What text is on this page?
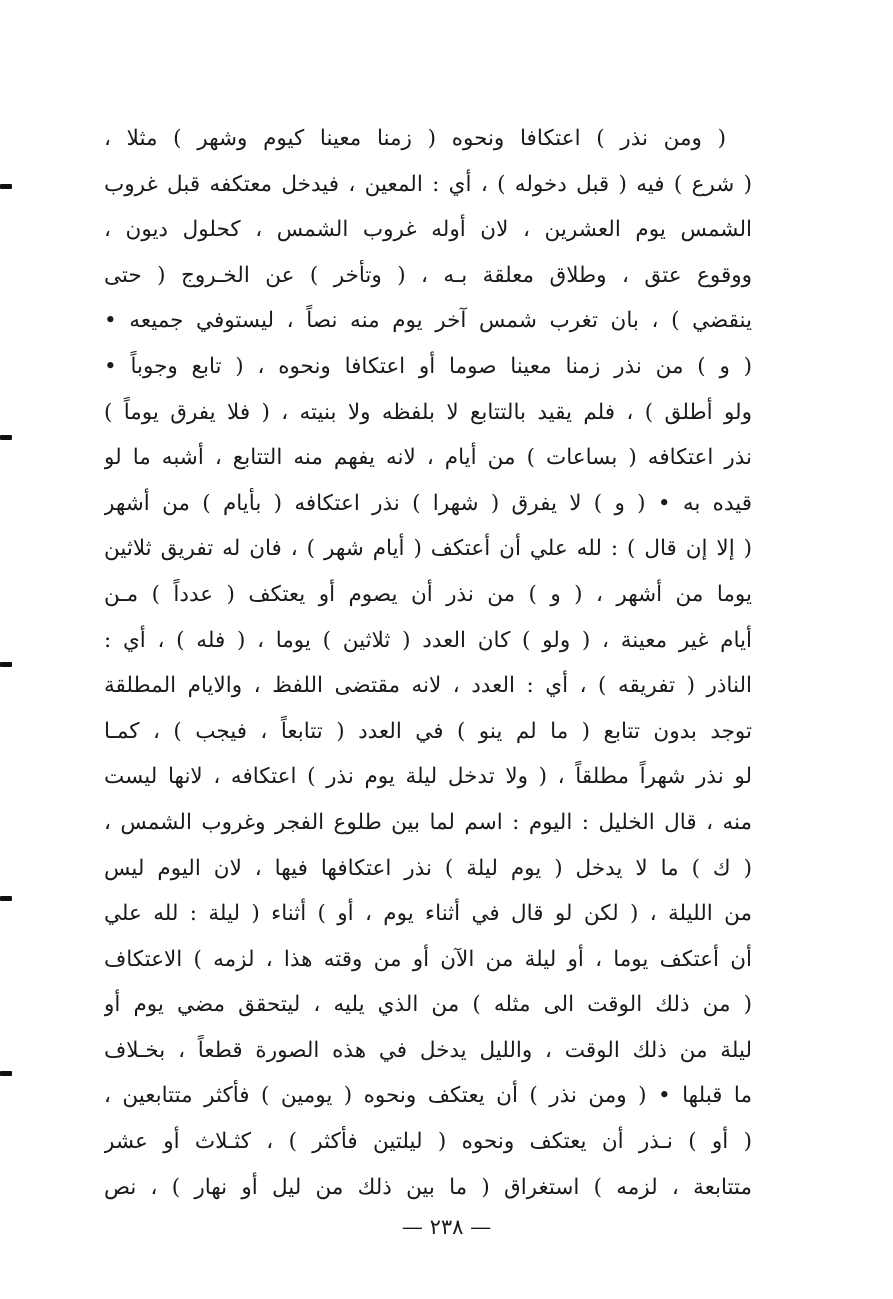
( ومن نذر ) اعتكافا ونحوه ( زمنا معينا كيوم وشهر ) مثلا ،
( شرع ) فيه ( قبل دخوله ) ، أي : المعين ، فيدخل معتكفه قبل غروب
الشمس يوم العشرين ، لان أوله غروب الشمس ، كحلول ديون ،
ووقوع عتق ، وطلاق معلقة بـه ، ( وتأخر ) عن الخـروج ( حتى
ينقضي ) ، بان تغرب شمس آخر يوم منه نصاً ، ليستوفي جميعه •
( و ) من نذر زمنا معينا صوما أو اعتكافا ونحوه ، ( تابع وجوباً •
ولو أطلق ) ، فلم يقيد بالتتابع لا بلفظه ولا بنيته ، ( فلا يفرق يوماً )
نذر اعتكافه ( بساعات ) من أيام ، لانه يفهم منه التتابع ، أشبه ما لو
قيده به • ( و ) لا يفرق ( شهرا ) نذر اعتكافه ( بأيام ) من أشهر
( إلا إن قال ) : لله علي أن أعتكف ( أيام شهر ) ، فان له تفريق ثلاثين
يوما من أشهر ، ( و ) من نذر أن يصوم أو يعتكف ( عدداً ) مـن
أيام غير معينة ، ( ولو ) كان العدد ( ثلاثين ) يوما ، ( فله ) ، أي :
الناذر ( تفريقه ) ، أي : العدد ، لانه مقتضى اللفظ ، والايام المطلقة
توجد بدون تتابع ( ما لم ينو ) في العدد ( تتابعاً ، فيجب ) ، كمـا
لو نذر شهراً مطلقاً ، ( ولا تدخل ليلة يوم نذر ) اعتكافه ، لانها ليست
منه ، قال الخليل : اليوم : اسم لما بين طلوع الفجر وغروب الشمس ،
( ك ) ما لا يدخل ( يوم ليلة ) نذر اعتكافها فيها ، لان اليوم ليس
من الليلة ، ( لكن لو قال في أثناء يوم ، أو ) أثناء ( ليلة : لله علي
أن أعتكف يوما ، أو ليلة من الآن أو من وقته هذا ، لزمه ) الاعتكاف
( من ذلك الوقت الى مثله ) من الذي يليه ، ليتحقق مضي يوم أو
ليلة من ذلك الوقت ، والليل يدخل في هذه الصورة قطعاً ، بخـلاف
ما قبلها • ( ومن نذر ) أن يعتكف ونحوه ( يومين ) فأكثر متتابعين ،
( أو ) نـذر أن يعتكف ونحوه ( ليلتين فأكثر ) ، كثـلاث أو عشر
متتابعة ، لزمه ) استغراق ( ما بين ذلك من ليل أو نهار ) ، نص
— ٢٣٨ —
